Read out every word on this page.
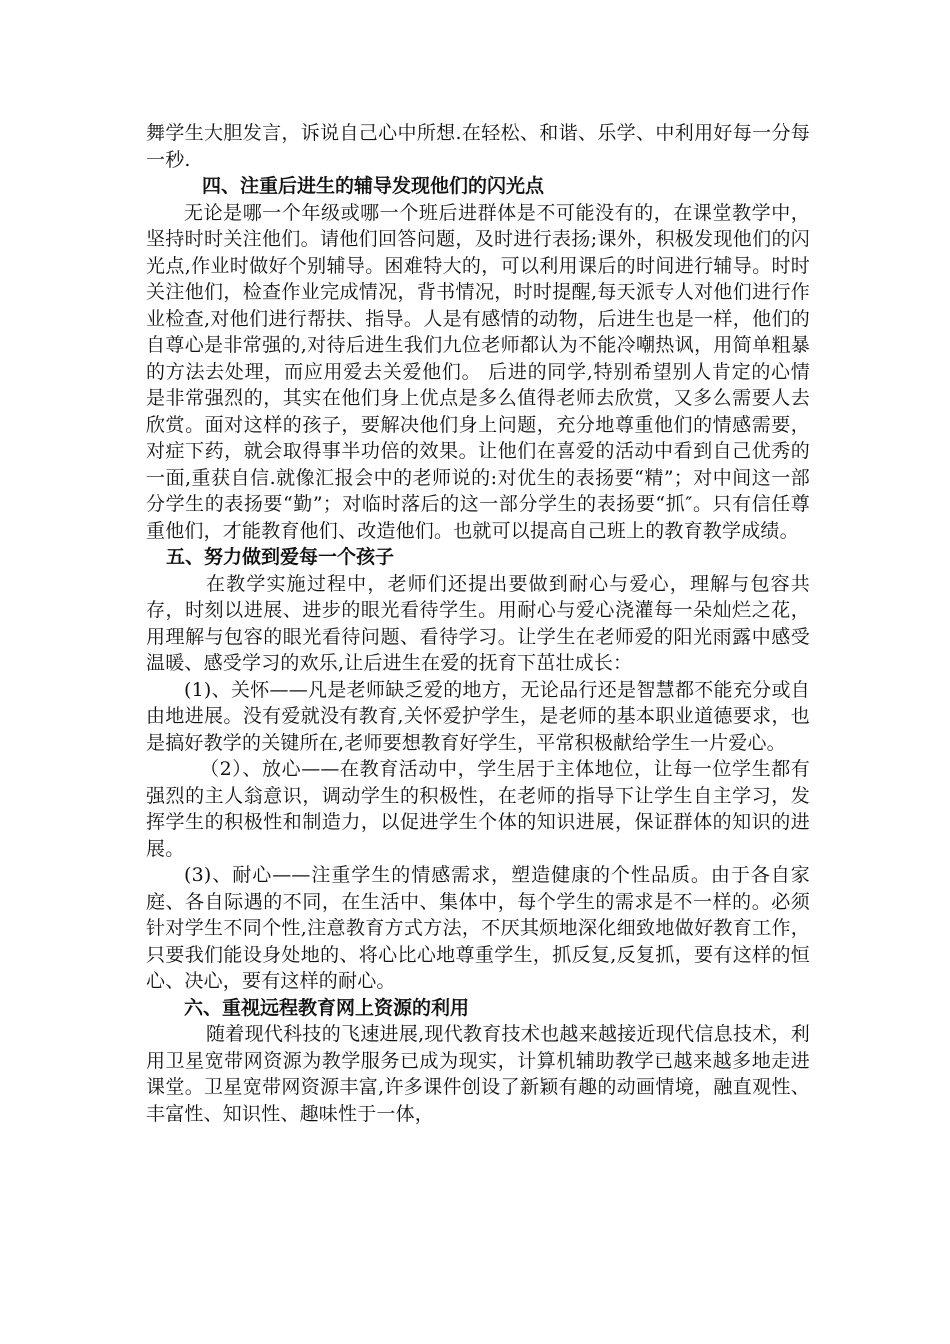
舞学生大胆发言，诉说自己心中所想.在轻松、和谐、乐学、中利用好每一分每一秒.

四、注重后进生的辅导发现他们的闪光点

无论是哪一个年级或哪一个班后进群体是不可能没有的，在课堂教学中，坚持时时关注他们。请他们回答问题，及时进行表扬;课外，积极发现他们的闪光点,作业时做好个别辅导。困难特大的，可以利用课后的时间进行辅导。时时关注他们，检查作业完成情况，背书情况，时时提醒,每天派专人对他们进行作业检查,对他们进行帮扶、指导。人是有感情的动物，后进生也是一样，他们的自尊心是非常强的,对待后进生我们九位老师都认为不能冷嘲热讽，用简单粗暴的方法去处理，而应用爱去关爱他们。 后进的同学,特别希望别人肯定的心情是非常强烈的，其实在他们身上优点是多么值得老师去欣赏，又多么需要人去欣赏。面对这样的孩子，要解决他们身上问题，充分地尊重他们的情感需要，对症下药，就会取得事半功倍的效果。让他们在喜爱的活动中看到自己优秀的一面,重获自信.就像汇报会中的老师说的:对优生的表扬要“精”；对中间这一部分学生的表扬要“勤”；对临时落后的这一部分学生的表扬要“抓″。只有信任尊重他们，才能教育他们、改造他们。也就可以提高自己班上的教育教学成绩。

五、努力做到爱每一个孩子

在教学实施过程中，老师们还提出要做到耐心与爱心，理解与包容共存，时刻以进展、进步的眼光看待学生。用耐心与爱心浇灌每一朵灿烂之花，用理解与包容的眼光看待问题、看待学习。让学生在老师爱的阳光雨露中感受温暖、感受学习的欢乐,让后进生在爱的抚育下茁壮成长：

(1)、关怀——凡是老师缺乏爱的地方，无论品行还是智慧都不能充分或自由地进展。没有爱就没有教育,关怀爱护学生，是老师的基本职业道德要求，也是搞好教学的关键所在,老师要想教育好学生，平常积极献给学生一片爱心。

（2）、放心——在教育活动中，学生居于主体地位，让每一位学生都有强烈的主人翁意识，调动学生的积极性，在老师的指导下让学生自主学习，发挥学生的积极性和制造力，以促进学生个体的知识进展，保证群体的知识的进展。

(3)、耐心——注重学生的情感需求，塑造健康的个性品质。由于各自家庭、各自际遇的不同，在生活中、集体中，每个学生的需求是不一样的。必须针对学生不同个性,注意教育方式方法，不厌其烦地深化细致地做好教育工作，只要我们能设身处地的、将心比心地尊重学生，抓反复,反复抓，要有这样的恒心、决心，要有这样的耐心。

六、重视远程教育网上资源的利用

随着现代科技的飞速进展,现代教育技术也越来越接近现代信息技术，利用卫星宽带网资源为教学服务已成为现实，计算机辅助教学已越来越多地走进课堂。卫星宽带网资源丰富,许多课件创设了新颖有趣的动画情境，融直观性、丰富性、知识性、趣味性于一体，
